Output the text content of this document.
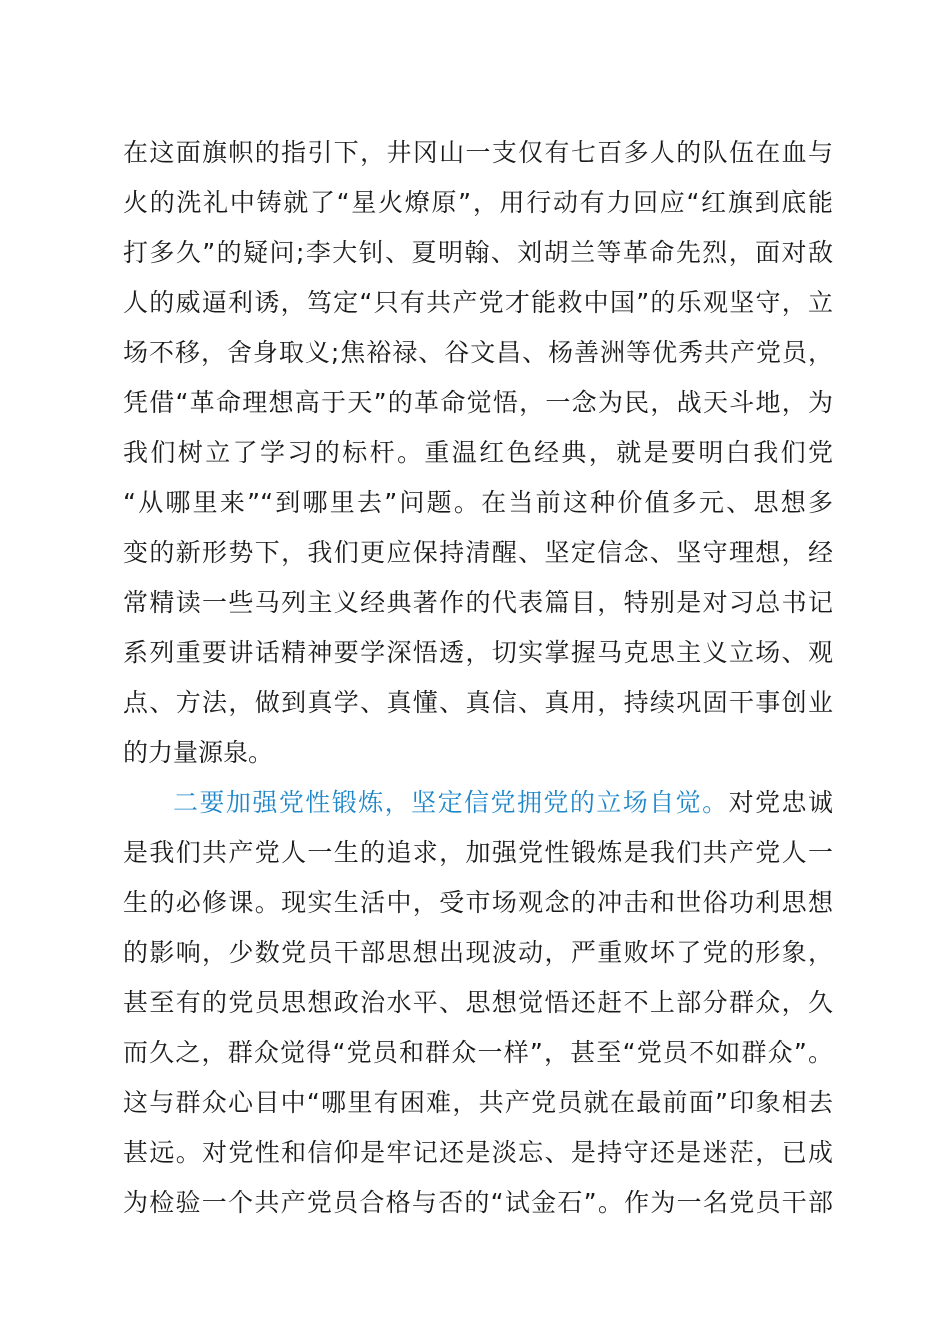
在这面旗帜的指引下，井冈山一支仅有七百多人的队伍在血与
火的洗礼中铸就了“星火燎原”，用行动有力回应“红旗到底能
打多久”的疑问;李大钊、夏明翰、刘胡兰等革命先烈，面对敌
人的威逼利诱，笃定“只有共产党才能救中国”的乐观坚守，立
场不移，舍身取义;焦裕禄、谷文昌、杨善洲等优秀共产党员，
凭借“革命理想高于天”的革命觉悟，一念为民，战天斗地，为
我们树立了学习的标杆。重温红色经典，就是要明白我们党
“从哪里来”“到哪里去”问题。在当前这种价值多元、思想多
变的新形势下，我们更应保持清醒、坚定信念、坚守理想，经
常精读一些马列主义经典著作的代表篇目，特别是对习总书记
系列重要讲话精神要学深悟透，切实掌握马克思主义立场、观
点、方法，做到真学、真懂、真信、真用，持续巩固干事创业
的力量源泉。
二要加强党性锻炼，坚定信党拥党的立场自觉。对党忠诚
是我们共产党人一生的追求，加强党性锻炼是我们共产党人一
生的必修课。现实生活中，受市场观念的冲击和世俗功利思想
的影响，少数党员干部思想出现波动，严重败坏了党的形象，
甚至有的党员思想政治水平、思想觉悟还赶不上部分群众，久
而久之，群众觉得“党员和群众一样”，甚至“党员不如群众”。
这与群众心目中“哪里有困难，共产党员就在最前面”印象相去
甚远。对党性和信仰是牢记还是淡忘、是持守还是迷茫，已成
为检验一个共产党员合格与否的“试金石”。作为一名党员干部
